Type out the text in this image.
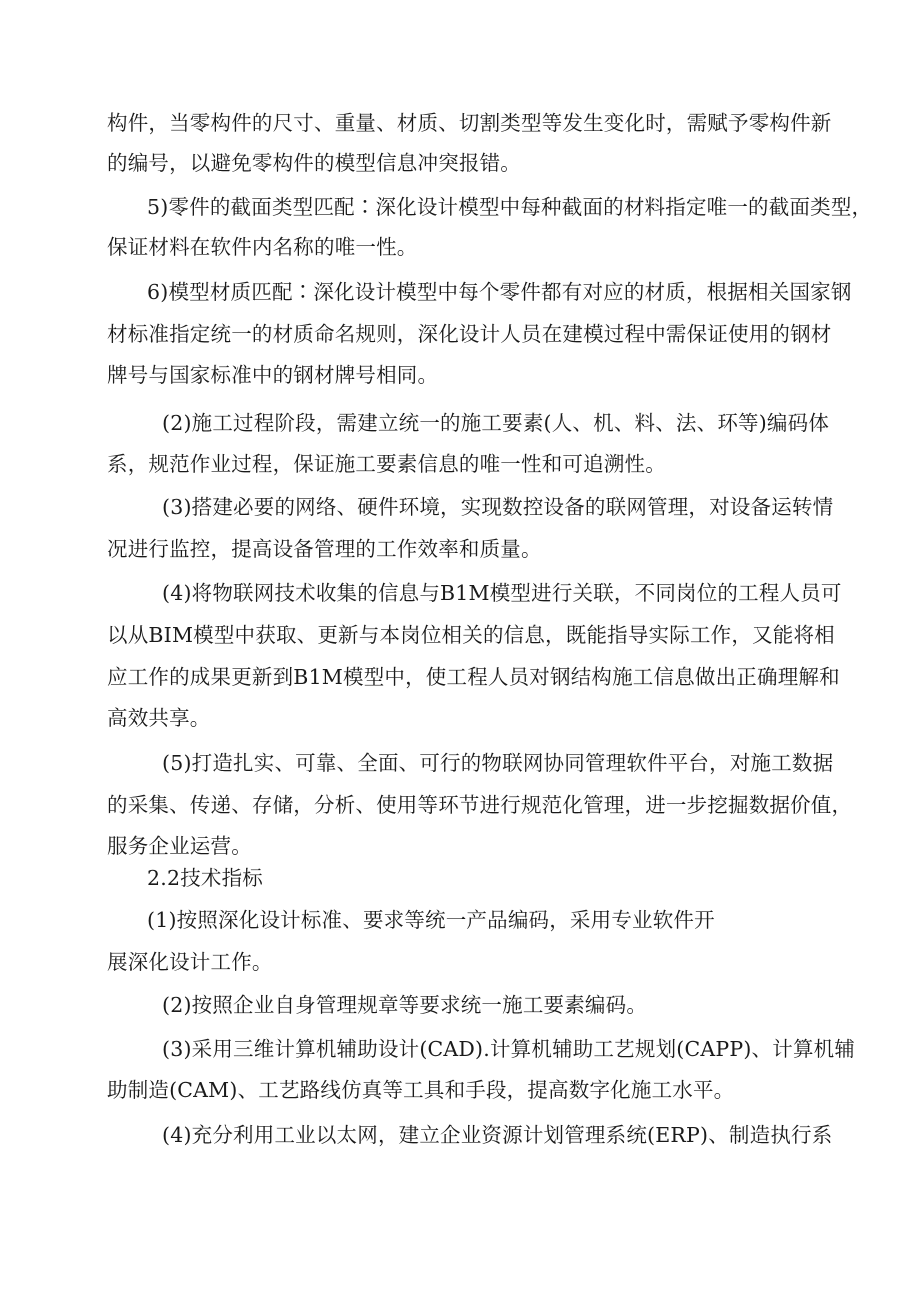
构件，当零构件的尺寸、重量、材质、切割类型等发生变化时，需赋予零构件新
的编号，以避免零构件的模型信息冲突报错。
5)零件的截面类型匹配∶深化设计模型中每种截面的材料指定唯一的截面类型，
保证材料在软件内名称的唯一性。
6)模型材质匹配∶深化设计模型中每个零件都有对应的材质，根据相关国家钢
材标准指定统一的材质命名规则，深化设计人员在建模过程中需保证使用的钢材
牌号与国家标准中的钢材牌号相同。
(2)施工过程阶段，需建立统一的施工要素(人、机、料、法、环等)编码体
系，规范作业过程，保证施工要素信息的唯一性和可追溯性。
(3)搭建必要的网络、硬件环境，实现数控设备的联网管理，对设备运转情
况进行监控，提高设备管理的工作效率和质量。
(4)将物联网技术收集的信息与B1M模型进行关联，不同岗位的工程人员可
以从BIM模型中获取、更新与本岗位相关的信息，既能指导实际工作，又能将相
应工作的成果更新到B1M模型中，使工程人员对钢结构施工信息做出正确理解和
高效共享。
(5)打造扎实、可靠、全面、可行的物联网协同管理软件平台，对施工数据
的采集、传递、存储，分析、使用等环节进行规范化管理，进一步挖掘数据价值，
服务企业运营。
2.2技术指标
(1)按照深化设计标准、要求等统一产品编码，采用专业软件开
展深化设计工作。
(2)按照企业自身管理规章等要求统一施工要素编码。
(3)采用三维计算机辅助设计(CAD).计算机辅助工艺规划(CAPP)、计算机辅
助制造(CAM)、工艺路线仿真等工具和手段，提高数字化施工水平。
(4)充分利用工业以太网，建立企业资源计划管理系统(ERP)、制造执行系
